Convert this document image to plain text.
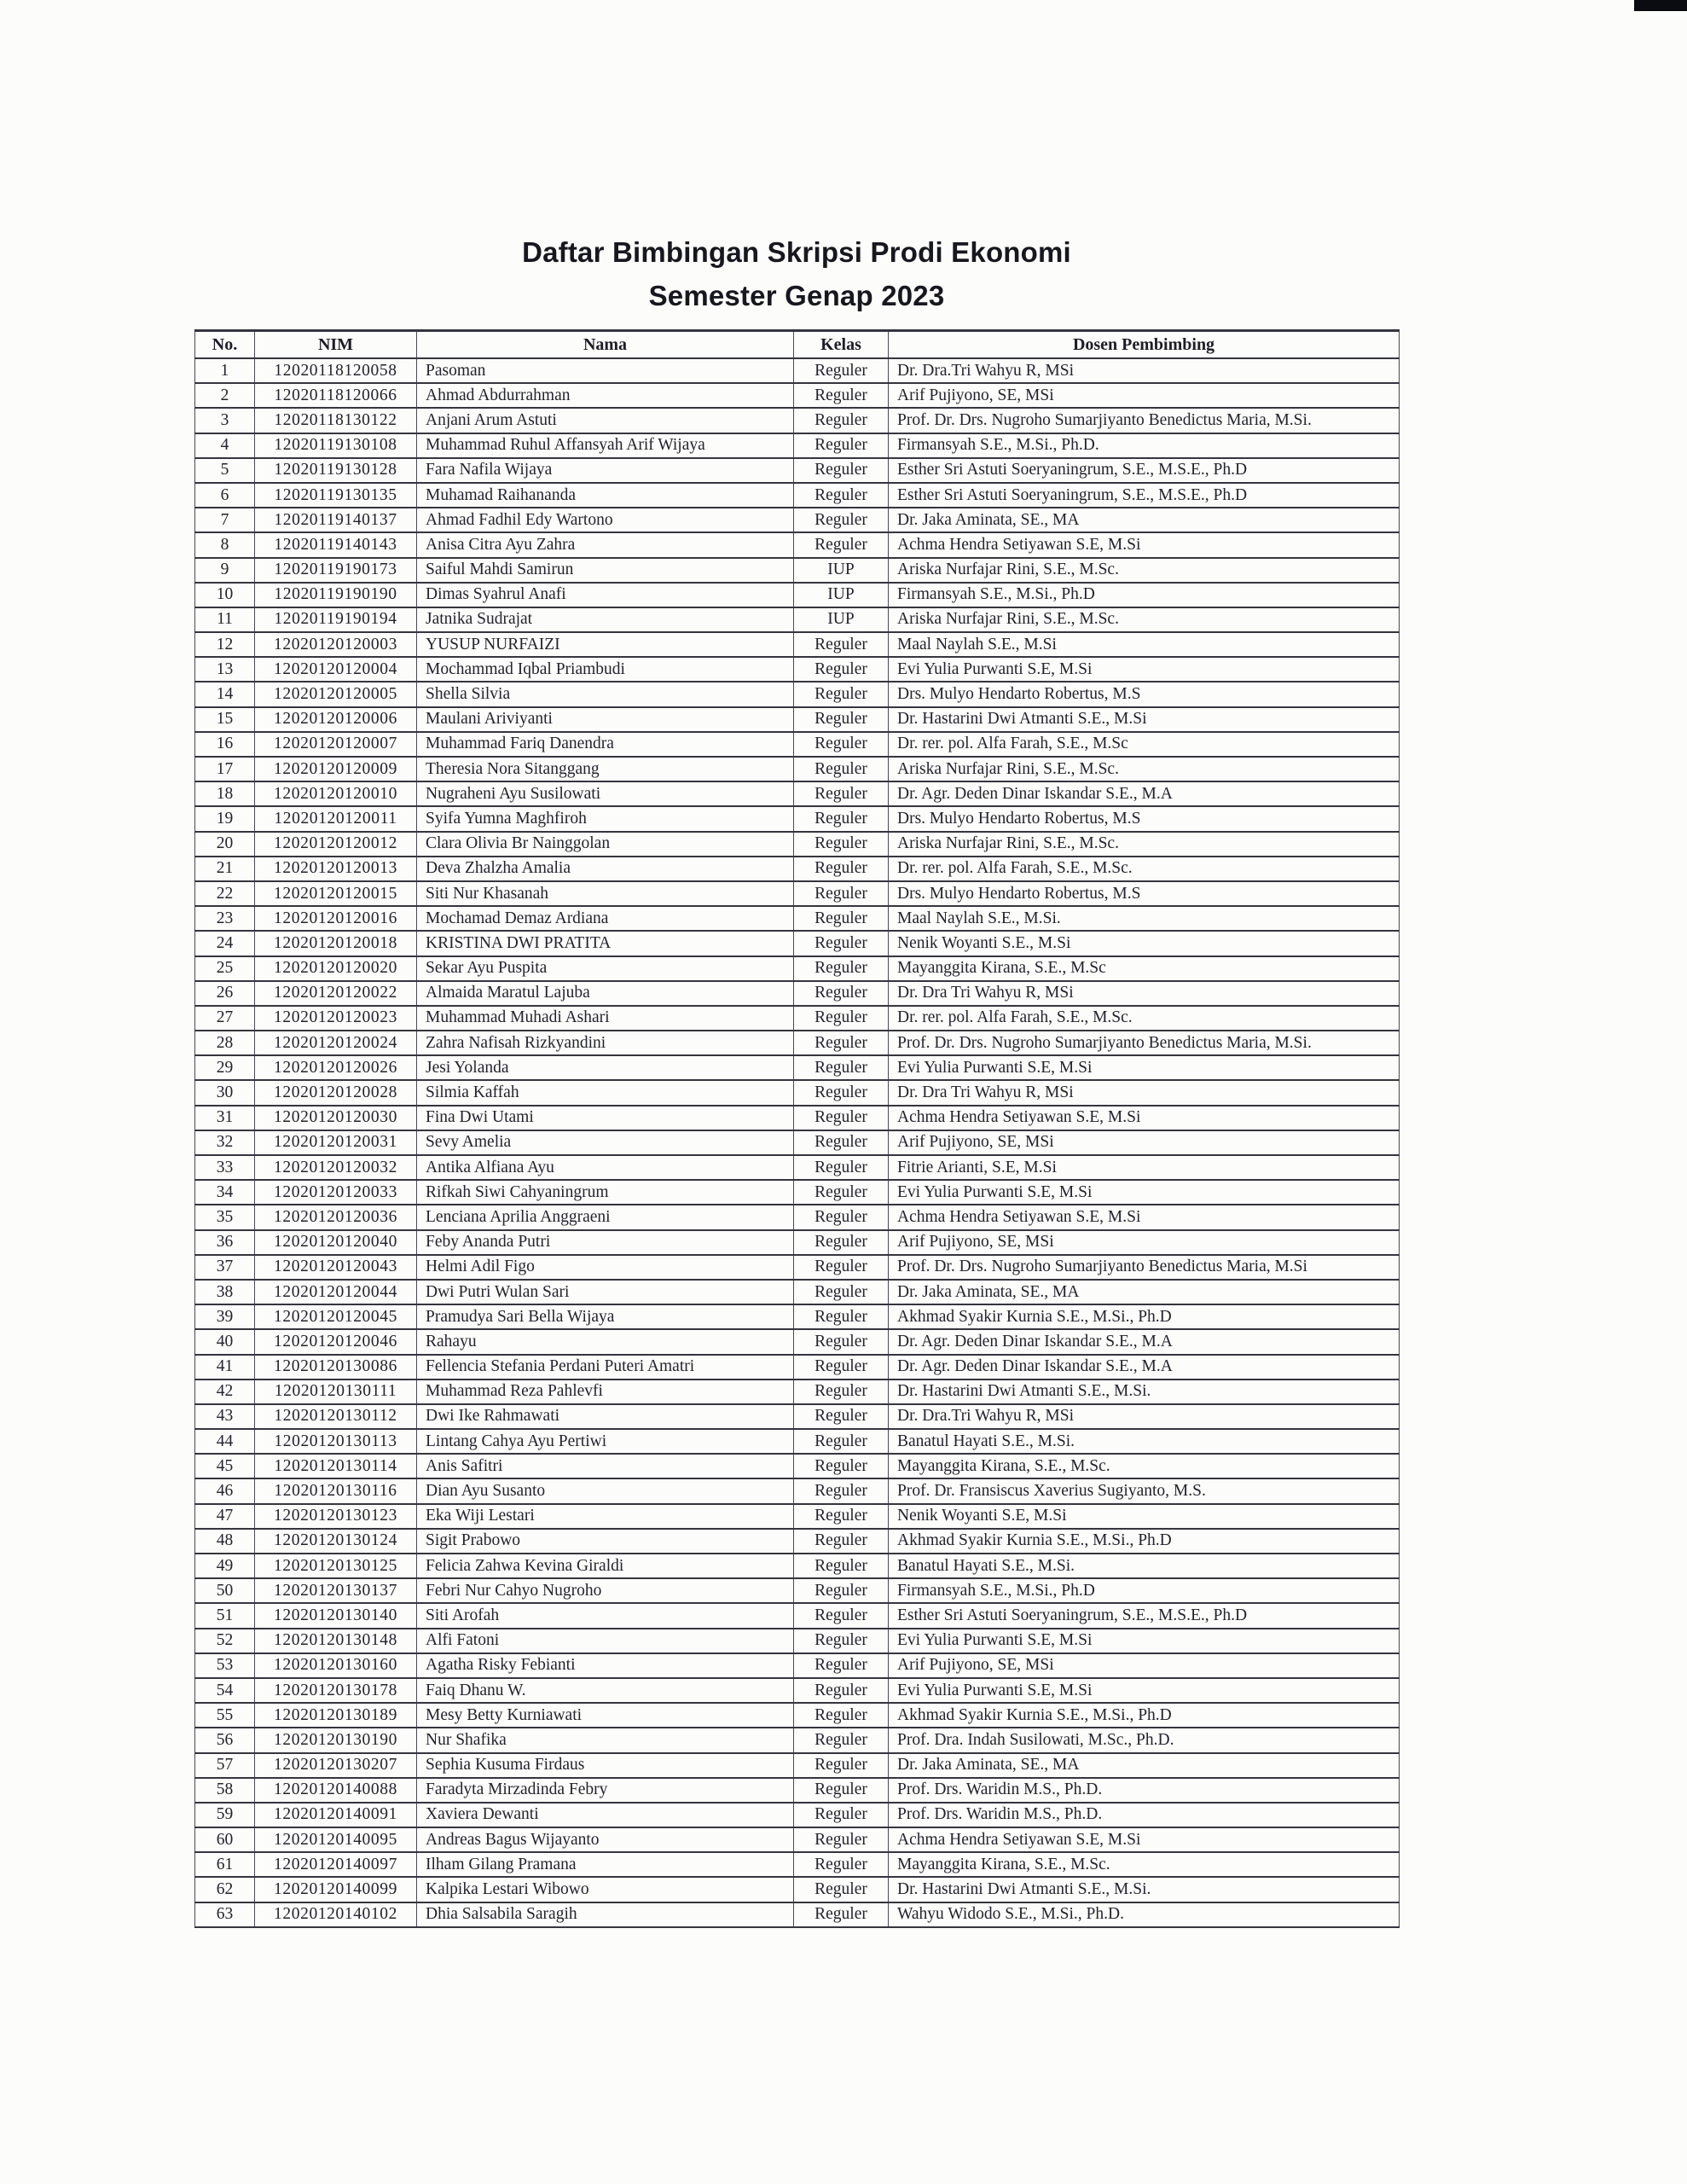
Daftar Bimbingan Skripsi Prodi Ekonomi
Semester Genap 2023
No.	NIM	Nama	Kelas	Dosen Pembimbing
1	12020118120058	Pasoman	Reguler	Dr. Dra.Tri Wahyu R, MSi
2	12020118120066	Ahmad Abdurrahman	Reguler	Arif Pujiyono, SE, MSi
3	12020118130122	Anjani Arum Astuti	Reguler	Prof. Dr. Drs. Nugroho Sumarjiyanto Benedictus Maria, M.Si.
4	12020119130108	Muhammad Ruhul Affansyah Arif Wijaya	Reguler	Firmansyah S.E., M.Si., Ph.D.
5	12020119130128	Fara Nafila Wijaya	Reguler	Esther Sri Astuti Soeryaningrum, S.E., M.S.E., Ph.D
6	12020119130135	Muhamad Raihananda	Reguler	Esther Sri Astuti Soeryaningrum, S.E., M.S.E., Ph.D
7	12020119140137	Ahmad Fadhil Edy Wartono	Reguler	Dr. Jaka Aminata, SE., MA
8	12020119140143	Anisa Citra Ayu Zahra	Reguler	Achma Hendra Setiyawan S.E, M.Si
9	12020119190173	Saiful Mahdi Samirun	IUP	Ariska Nurfajar Rini, S.E., M.Sc.
10	12020119190190	Dimas Syahrul Anafi	IUP	Firmansyah S.E., M.Si., Ph.D
11	12020119190194	Jatnika Sudrajat	IUP	Ariska Nurfajar Rini, S.E., M.Sc.
12	12020120120003	YUSUP NURFAIZI	Reguler	Maal Naylah S.E., M.Si
13	12020120120004	Mochammad Iqbal Priambudi	Reguler	Evi Yulia Purwanti S.E, M.Si
14	12020120120005	Shella Silvia	Reguler	Drs. Mulyo Hendarto Robertus, M.S
15	12020120120006	Maulani Ariviyanti	Reguler	Dr. Hastarini Dwi Atmanti S.E., M.Si
16	12020120120007	Muhammad Fariq Danendra	Reguler	Dr. rer. pol. Alfa Farah, S.E., M.Sc
17	12020120120009	Theresia Nora Sitanggang	Reguler	Ariska Nurfajar Rini, S.E., M.Sc.
18	12020120120010	Nugraheni Ayu Susilowati	Reguler	Dr. Agr. Deden Dinar Iskandar S.E., M.A
19	12020120120011	Syifa Yumna Maghfiroh	Reguler	Drs. Mulyo Hendarto Robertus, M.S
20	12020120120012	Clara Olivia Br Nainggolan	Reguler	Ariska Nurfajar Rini, S.E., M.Sc.
21	12020120120013	Deva Zhalzha Amalia	Reguler	Dr. rer. pol. Alfa Farah, S.E., M.Sc.
22	12020120120015	Siti Nur Khasanah	Reguler	Drs. Mulyo Hendarto Robertus, M.S
23	12020120120016	Mochamad Demaz Ardiana	Reguler	Maal Naylah S.E., M.Si.
24	12020120120018	KRISTINA DWI PRATITA	Reguler	Nenik Woyanti S.E., M.Si
25	12020120120020	Sekar Ayu Puspita	Reguler	Mayanggita Kirana, S.E., M.Sc
26	12020120120022	Almaida Maratul Lajuba	Reguler	Dr. Dra Tri Wahyu R, MSi
27	12020120120023	Muhammad Muhadi Ashari	Reguler	Dr. rer. pol. Alfa Farah, S.E., M.Sc.
28	12020120120024	Zahra Nafisah Rizkyandini	Reguler	Prof. Dr. Drs. Nugroho Sumarjiyanto Benedictus Maria, M.Si.
29	12020120120026	Jesi Yolanda	Reguler	Evi Yulia Purwanti S.E, M.Si
30	12020120120028	Silmia Kaffah	Reguler	Dr. Dra Tri Wahyu R, MSi
31	12020120120030	Fina Dwi Utami	Reguler	Achma Hendra Setiyawan S.E, M.Si
32	12020120120031	Sevy Amelia	Reguler	Arif Pujiyono, SE, MSi
33	12020120120032	Antika Alfiana Ayu	Reguler	Fitrie Arianti, S.E, M.Si
34	12020120120033	Rifkah Siwi Cahyaningrum	Reguler	Evi Yulia Purwanti S.E, M.Si
35	12020120120036	Lenciana Aprilia Anggraeni	Reguler	Achma Hendra Setiyawan S.E, M.Si
36	12020120120040	Feby Ananda Putri	Reguler	Arif Pujiyono, SE, MSi
37	12020120120043	Helmi Adil Figo	Reguler	Prof. Dr. Drs. Nugroho Sumarjiyanto Benedictus Maria, M.Si
38	12020120120044	Dwi Putri Wulan Sari	Reguler	Dr. Jaka Aminata, SE., MA
39	12020120120045	Pramudya Sari Bella Wijaya	Reguler	Akhmad Syakir Kurnia S.E., M.Si., Ph.D
40	12020120120046	Rahayu	Reguler	Dr. Agr. Deden Dinar Iskandar S.E., M.A
41	12020120130086	Fellencia Stefania Perdani Puteri Amatri	Reguler	Dr. Agr. Deden Dinar Iskandar S.E., M.A
42	12020120130111	Muhammad Reza Pahlevfi	Reguler	Dr. Hastarini Dwi Atmanti S.E., M.Si.
43	12020120130112	Dwi Ike Rahmawati	Reguler	Dr. Dra.Tri Wahyu R, MSi
44	12020120130113	Lintang Cahya Ayu Pertiwi	Reguler	Banatul Hayati S.E., M.Si.
45	12020120130114	Anis Safitri	Reguler	Mayanggita Kirana, S.E., M.Sc.
46	12020120130116	Dian Ayu Susanto	Reguler	Prof. Dr. Fransiscus Xaverius Sugiyanto, M.S.
47	12020120130123	Eka Wiji Lestari	Reguler	Nenik Woyanti S.E, M.Si
48	12020120130124	Sigit Prabowo	Reguler	Akhmad Syakir Kurnia S.E., M.Si., Ph.D
49	12020120130125	Felicia Zahwa Kevina Giraldi	Reguler	Banatul Hayati S.E., M.Si.
50	12020120130137	Febri Nur Cahyo Nugroho	Reguler	Firmansyah S.E., M.Si., Ph.D
51	12020120130140	Siti Arofah	Reguler	Esther Sri Astuti Soeryaningrum, S.E., M.S.E., Ph.D
52	12020120130148	Alfi Fatoni	Reguler	Evi Yulia Purwanti S.E, M.Si
53	12020120130160	Agatha Risky Febianti	Reguler	Arif Pujiyono, SE, MSi
54	12020120130178	Faiq Dhanu W.	Reguler	Evi Yulia Purwanti S.E, M.Si
55	12020120130189	Mesy Betty Kurniawati	Reguler	Akhmad Syakir Kurnia S.E., M.Si., Ph.D
56	12020120130190	Nur Shafika	Reguler	Prof. Dra. Indah Susilowati, M.Sc., Ph.D.
57	12020120130207	Sephia Kusuma Firdaus	Reguler	Dr. Jaka Aminata, SE., MA
58	12020120140088	Faradyta Mirzadinda Febry	Reguler	Prof. Drs. Waridin M.S., Ph.D.
59	12020120140091	Xaviera Dewanti	Reguler	Prof. Drs. Waridin M.S., Ph.D.
60	12020120140095	Andreas Bagus Wijayanto	Reguler	Achma Hendra Setiyawan S.E, M.Si
61	12020120140097	Ilham Gilang Pramana	Reguler	Mayanggita Kirana, S.E., M.Sc.
62	12020120140099	Kalpika Lestari Wibowo	Reguler	Dr. Hastarini Dwi Atmanti S.E., M.Si.
63	12020120140102	Dhia Salsabila Saragih	Reguler	Wahyu Widodo S.E., M.Si., Ph.D.
